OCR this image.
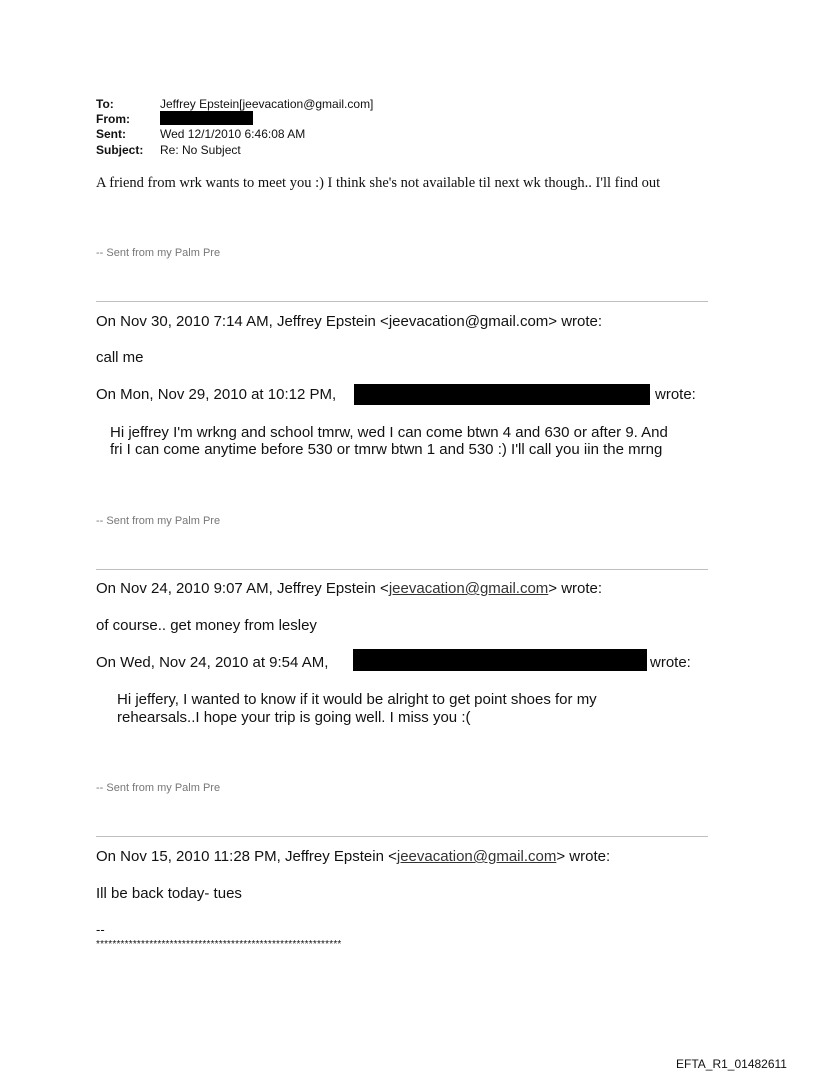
To:	Jeffrey Epstein[jeevacation@gmail.com]
From:
Sent:	Wed 12/1/2010 6:46:08 AM
Subject: Re: No Subject
A friend from wrk wants to meet you :) I think she's not available til next wk though.. I'll find out
-- Sent from my Palm Pre
On Nov 30, 2010 7:14 AM, Jeffrey Epstein <jeevacation@gmail.com> wrote:
call me
On Mon, Nov 29, 2010 at 10:12 PM,	wrote:
Hi jeffrey I'm wrkng and school tmrw, wed I can come btwn 4 and 630 or after 9. And
fri I can come anytime before 530 or tmrw btwn 1 and 530 :) I'll call you iin the mrng
-- Sent from my Palm Pre
On Nov 24, 2010 9:07 AM, Jeffrey Epstein <jeevacation@gmail.com> wrote:
of course.. get money from lesley
On Wed, Nov 24, 2010 at 9:54 AM,	wrote:
Hi jeffery, I wanted to know if it would be alright to get point shoes for my
rehearsals..I hope your trip is going well. I miss you :(
-- Sent from my Palm Pre
On Nov 15, 2010 11:28 PM, Jeffrey Epstein <jeevacation@gmail.com> wrote:
Ill be back today- tues
--
************************************************************
EFTA_R1_01482611
